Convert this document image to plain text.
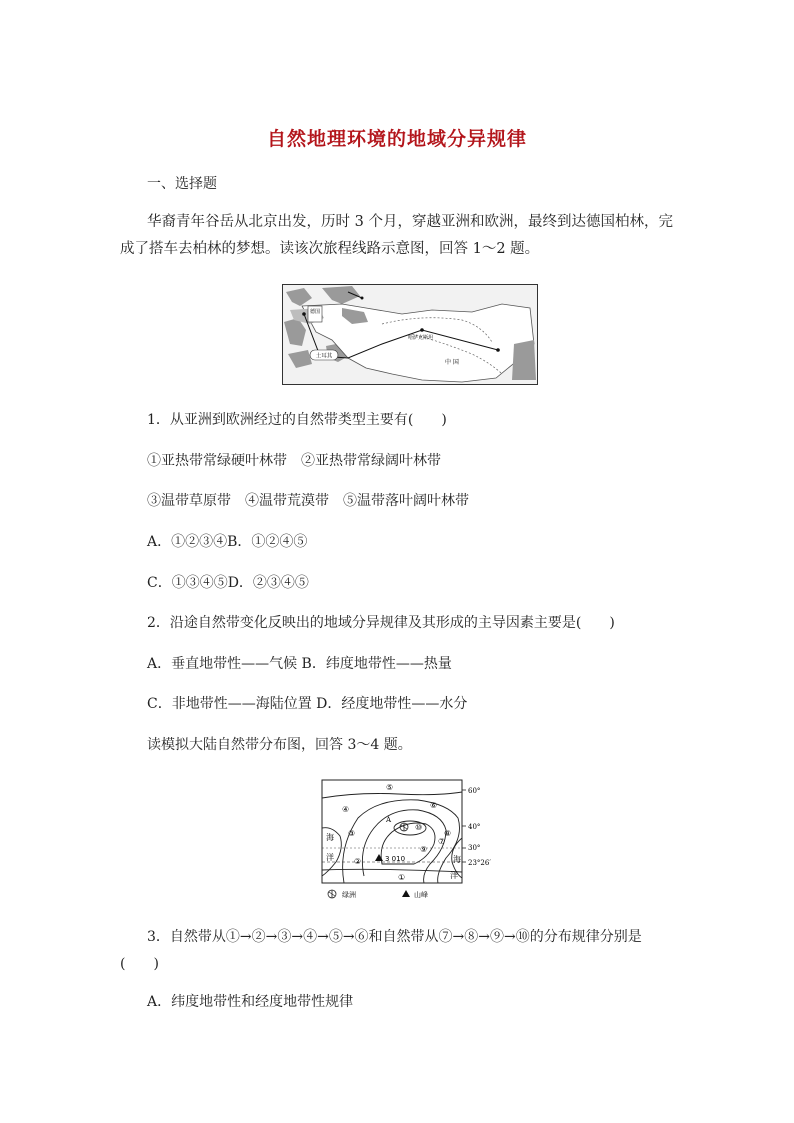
自然地理环境的地域分异规律
一、选择题
华裔青年谷岳从北京出发，历时 3 个月，穿越亚洲和欧洲，最终到达德国柏林，完成了搭车去柏林的梦想。读该次旅程线路示意图，回答 1～2 题。
德国
土耳其
哈萨克斯坦
中 国
1．从亚洲到欧洲经过的自然带类型主要有(　　)
①亚热带常绿硬叶林带　②亚热带常绿阔叶林带
③温带草原带　④温带荒漠带　⑤温带落叶阔叶林带
A．①②③④B．①②④⑤
C．①③④⑤D．②③④⑤
2．沿途自然带变化反映出的地域分异规律及其形成的主导因素主要是(　　)
A．垂直地带性——气候 B．纬度地带性——热量
C．非地带性——海陆位置 D．经度地带性——水分
读模拟大陆自然带分布图，回答 3～4 题。
60°
40°
30°
23°26′
海
洋	海
洋
⑤
④
③
②
①
⑥
⑦
⑧
⑨
⑩
A
3 010
绿洲	山峰
3．自然带从①→②→③→④→⑤→⑥和自然带从⑦→⑧→⑨→⑩的分布规律分别是
(　　)
A．纬度地带性和经度地带性规律
